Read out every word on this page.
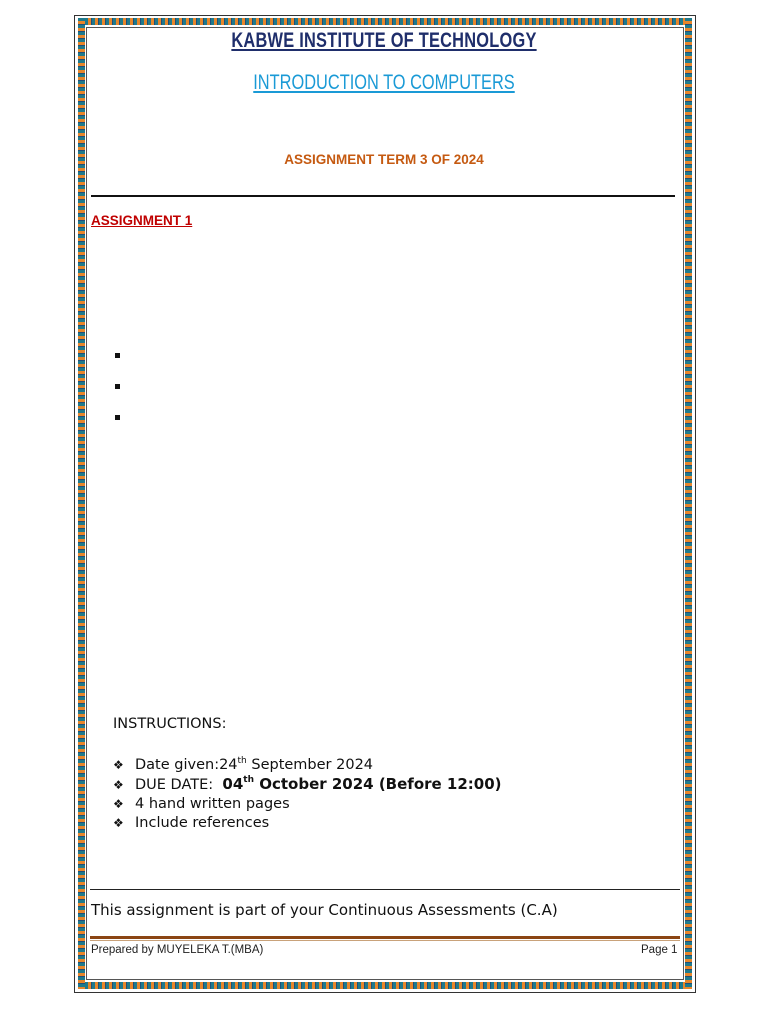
KABWE INSTITUTE OF TECHNOLOGY
INTRODUCTION TO COMPUTERS
ASSIGNMENT TERM 3 OF 2024
ASSIGNMENT 1
INSTRUCTIONS:
❖ Date given:24th September 2024
❖ DUE DATE:  04th October 2024 (Before 12:00)
❖ 4 hand written pages
❖ Include references
This assignment is part of your Continuous Assessments (C.A)
Prepared by MUYELEKA T.(MBA)	Page 1
